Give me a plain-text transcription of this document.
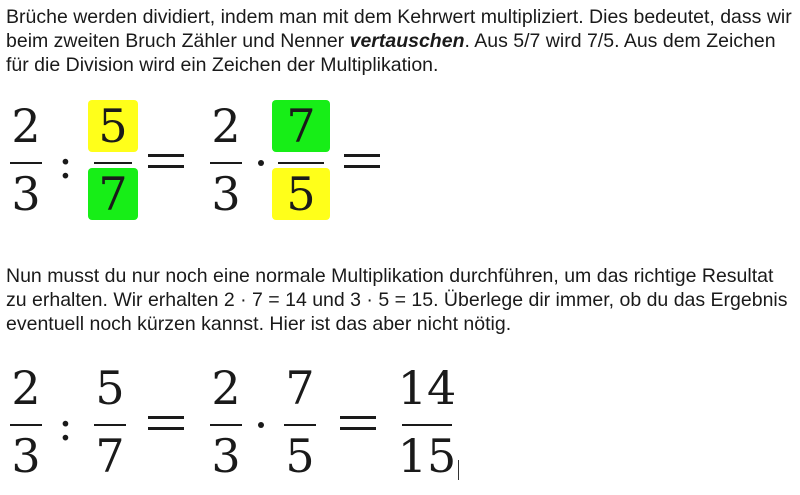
Brüche werden dividiert, indem man mit dem Kehrwert multipliziert. Dies bedeutet, dass wir beim zweiten Bruch Zähler und Nenner vertauschen. Aus 5/7 wird 7/5. Aus dem Zeichen für die Division wird ein Zeichen der Multiplikation.

2
3
:
5
7
2
3
7
5

Nun musst du nur noch eine normale Multiplikation durchführen, um das richtige Resultat zu erhalten. Wir erhalten 2 · 7 = 14 und 3 · 5 = 15. Überlege dir immer, ob du das Ergebnis eventuell noch kürzen kannst. Hier ist das aber nicht nötig.

2
3
:
5
7
2
3
7
5
14
15
